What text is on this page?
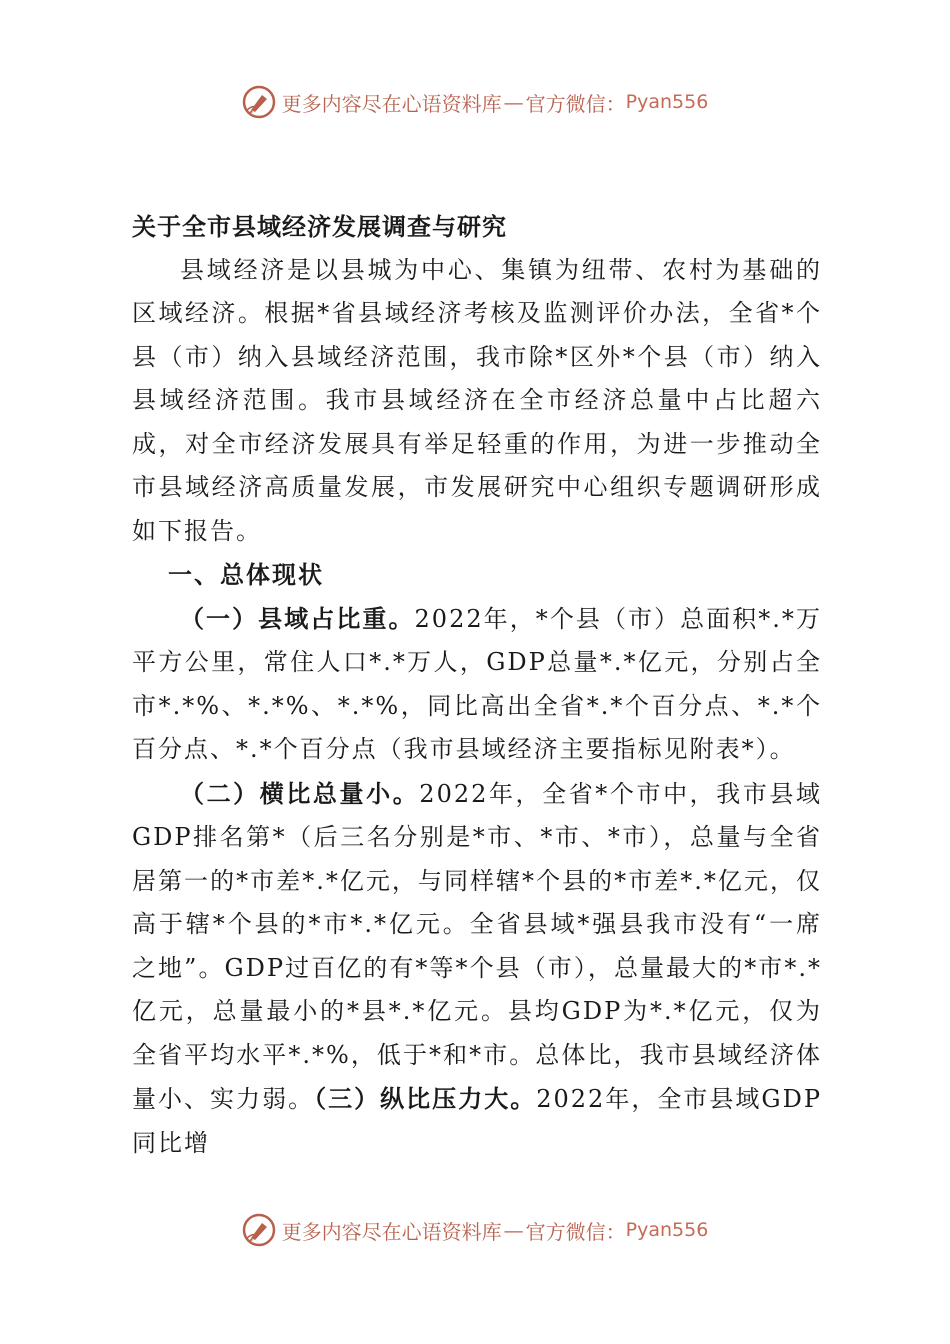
更多内容尽在心语资料库 — 官方微信： Pyan556

关于全市县域经济发展调查与研究

县域经济是以县城为中心、集镇为纽带、农村为基础的区域经济。根据*省县域经济考核及监测评价办法，全省*个县（市）纳入县域经济范围，我市除*区外*个县（市）纳入县域经济范围。我市县域经济在全市经济总量中占比超六成，对全市经济发展具有举足轻重的作用，为进一步推动全市县域经济高质量发展，市发展研究中心组织专题调研形成如下报告。

一、总体现状

（一）县域占比重。2022年，*个县（市）总面积*.*万平方公里，常住人口*.*万人，GDP总量*.*亿元，分别占全市*.*%、*.*%、*.*%，同比高出全省*.*个百分点、*.*个百分点、*.*个百分点（我市县域经济主要指标见附表*）。

（二）横比总量小。2022年，全省*个市中，我市县域GDP排名第*（后三名分别是*市、*市、*市），总量与全省居第一的*市差*.*亿元，与同样辖*个县的*市差*.*亿元，仅高于辖*个县的*市*.*亿元。全省县域*强县我市没有“一席之地”。GDP过百亿的有*等*个县（市），总量最大的*市*.*亿元，总量最小的*县*.*亿元。县均GDP为*.*亿元，仅为全省平均水平*.*%，低于*和*市。总体比，我市县域经济体量小、实力弱。（三）纵比压力大。2022年，全市县域GDP同比增

更多内容尽在心语资料库 — 官方微信： Pyan556
